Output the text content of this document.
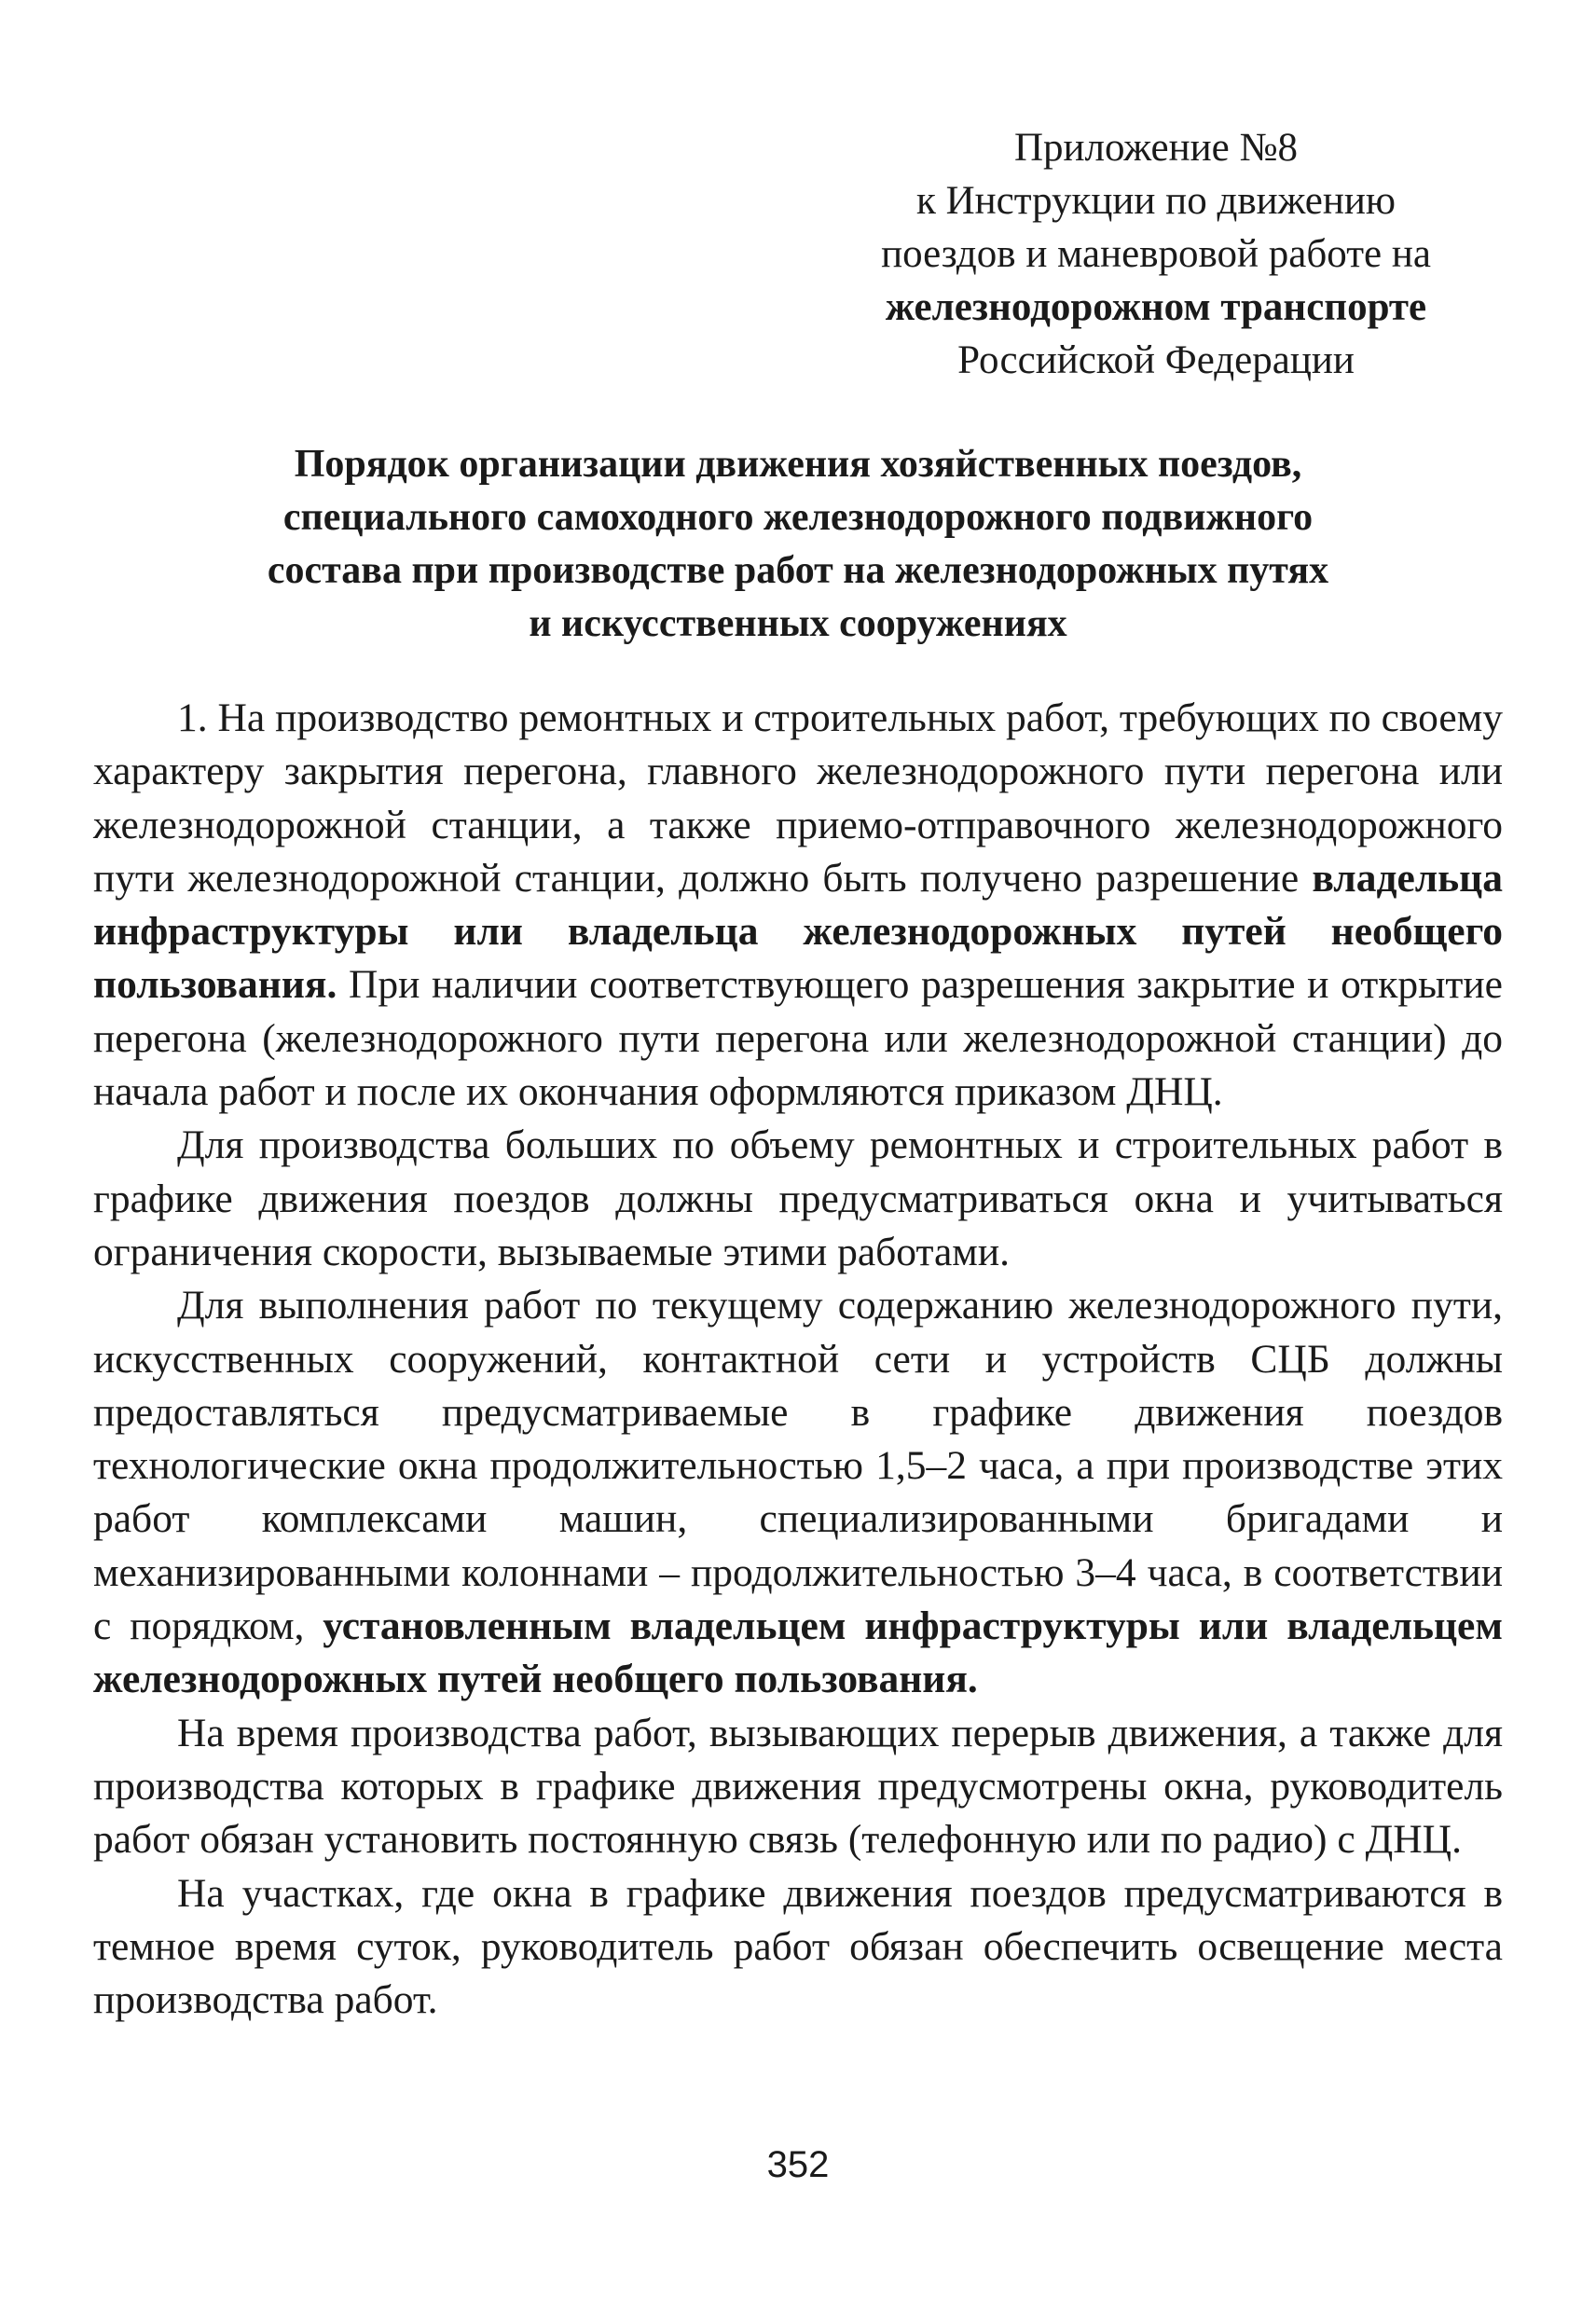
Приложение №8
к Инструкции по движению
поездов и маневровой работе на
железнодорожном транспорте
Российской Федерации
Порядок организации движения хозяйственных поездов,
специального самоходного железнодорожного подвижного
состава при производстве работ на железнодорожных путях
и искусственных сооружениях

1. На производство ремонтных и строительных работ, требующих по своему характеру закрытия перегона, главного железнодорожного пути перегона или железнодорожной станции, а также приемо-отправочного железнодорожного пути железнодорожной станции, должно быть получено разрешение владельца инфраструктуры или владельца железнодорожных путей необщего пользования. При наличии соответствующего разрешения закрытие и открытие перегона (железнодорожного пути перегона или железнодорожной станции) до начала работ и после их окончания оформляются приказом ДНЦ.

Для производства больших по объему ремонтных и строительных работ в графике движения поездов должны предусматриваться окна и учитываться ограничения скорости, вызываемые этими работами.

Для выполнения работ по текущему содержанию железнодорожного пути, искусственных сооружений, контактной сети и устройств СЦБ должны предоставляться предусматриваемые в графике движения поездов технологические окна продолжительностью 1,5–2 часа, а при производстве этих работ комплексами машин, специализированными бригадами и механизированными колоннами – продолжительностью 3–4 часа, в соответствии с порядком, установленным владельцем инфраструктуры или владельцем железнодорожных путей необщего пользования.

На время производства работ, вызывающих перерыв движения, а также для производства которых в графике движения предусмотрены окна, руководитель работ обязан установить постоянную связь (телефонную или по радио) с ДНЦ.

На участках, где окна в графике движения поездов предусматриваются в темное время суток, руководитель работ обязан обеспечить освещение места производства работ.

352
